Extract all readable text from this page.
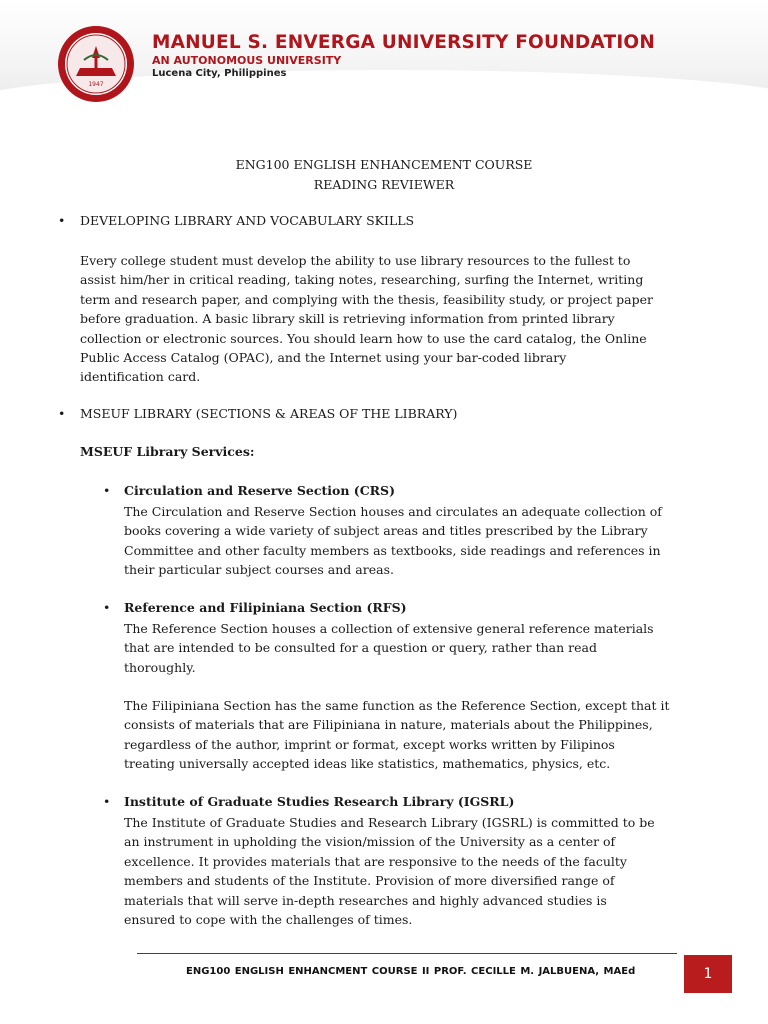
1947
MANUEL S. ENVERGA UNIVERSITY FOUNDATION
AN AUTONOMOUS UNIVERSITY
Lucena City, Philippines
ENG100 ENGLISH ENHANCEMENT COURSE
READING REVIEWER
• DEVELOPING LIBRARY AND VOCABULARY SKILLS
Every college student must develop the ability to use library resources to the fullest to
assist him/her in critical reading, taking notes, researching, surfing the Internet, writing
term and research paper, and complying with the thesis, feasibility study, or project paper
before graduation. A basic library skill is retrieving information from printed library
collection or electronic sources. You should learn how to use the card catalog, the Online
Public Access Catalog (OPAC), and the Internet using your bar-coded library
identification card.
• MSEUF LIBRARY (SECTIONS & AREAS OF THE LIBRARY)
MSEUF Library Services:
• Circulation and Reserve Section (CRS)
The Circulation and Reserve Section houses and circulates an adequate collection of
books covering a wide variety of subject areas and titles prescribed by the Library
Committee and other faculty members as textbooks, side readings and references in
their particular subject courses and areas.
• Reference and Filipiniana Section (RFS)
The Reference Section houses a collection of extensive general reference materials
that are intended to be consulted for a question or query, rather than read
thoroughly.
The Filipiniana Section has the same function as the Reference Section, except that it
consists of materials that are Filipiniana in nature, materials about the Philippines,
regardless of the author, imprint or format, except works written by Filipinos
treating universally accepted ideas like statistics, mathematics, physics, etc.
• Institute of Graduate Studies Research Library (IGSRL)
The Institute of Graduate Studies and Research Library (IGSRL) is committed to be
an instrument in upholding the vision/mission of the University as a center of
excellence. It provides materials that are responsive to the needs of the faculty
members and students of the Institute. Provision of more diversified range of
materials that will serve in-depth researches and highly advanced studies is
ensured to cope with the challenges of times.
ENG100 ENGLISH ENHANCMENT COURSE II PROF. CECILLE M. JALBUENA, MAEd	1
